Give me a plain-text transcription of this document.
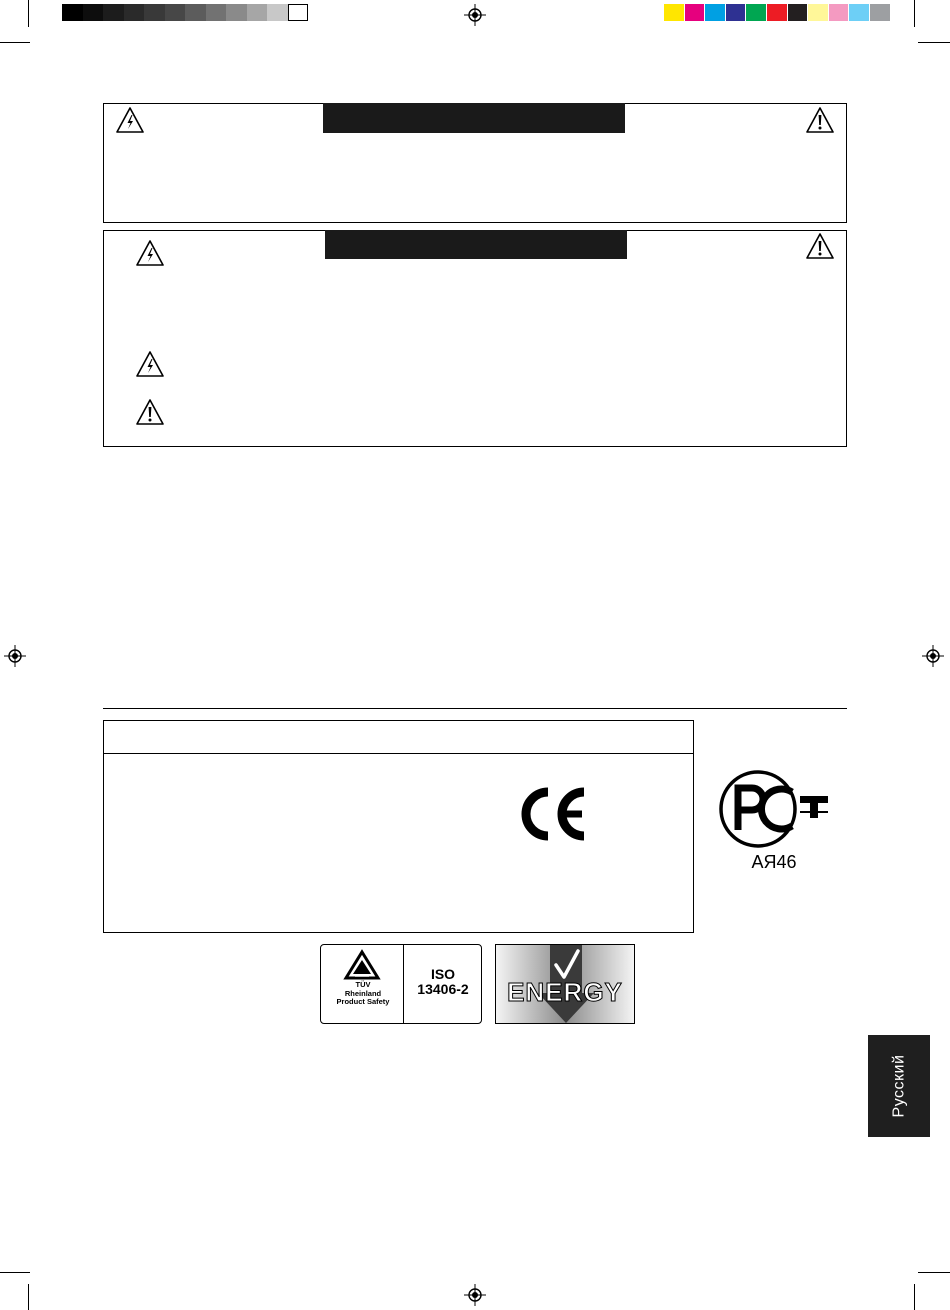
АЯ46
TÜV
Rheinland
Product Safety
ISO
13406-2	ENERGY
Русский
